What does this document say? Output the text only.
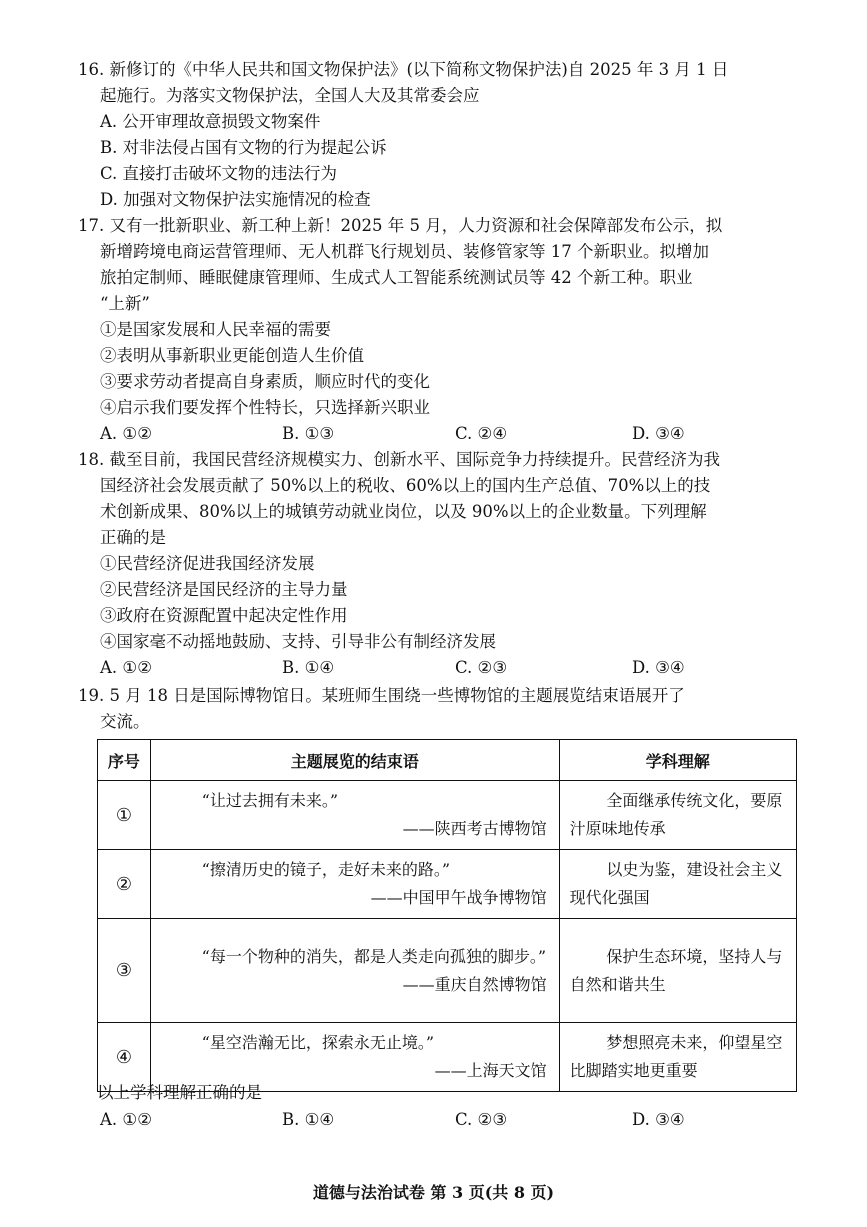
16. 新修订的《中华人民共和国文物保护法》(以下简称文物保护法)自 2025 年 3 月 1 日
起施行。为落实文物保护法，全国人大及其常委会应
A. 公开审理故意损毁文物案件
B. 对非法侵占国有文物的行为提起公诉
C. 直接打击破坏文物的违法行为
D. 加强对文物保护法实施情况的检查
17. 又有一批新职业、新工种上新！2025 年 5 月，人力资源和社会保障部发布公示，拟
新增跨境电商运营管理师、无人机群飞行规划员、装修管家等 17 个新职业。拟增加
旅拍定制师、睡眠健康管理师、生成式人工智能系统测试员等 42 个新工种。职业
“上新”
①是国家发展和人民幸福的需要
②表明从事新职业更能创造人生价值
③要求劳动者提高自身素质，顺应时代的变化
④启示我们要发挥个性特长，只选择新兴职业
A. ①②	B. ①③	C. ②④	D. ③④
18. 截至目前，我国民营经济规模实力、创新水平、国际竞争力持续提升。民营经济为我
国经济社会发展贡献了 50%以上的税收、60%以上的国内生产总值、70%以上的技
术创新成果、80%以上的城镇劳动就业岗位，以及 90%以上的企业数量。下列理解
正确的是
①民营经济促进我国经济发展
②民营经济是国民经济的主导力量
③政府在资源配置中起决定性作用
④国家毫不动摇地鼓励、支持、引导非公有制经济发展
A. ①②	B. ①④	C. ②③	D. ③④
19. 5 月 18 日是国际博物馆日。某班师生围绕一些博物馆的主题展览结束语展开了
交流。
序号	主题展览的结束语	学科理解
①	“让过去拥有未来。”
——陕西考古博物馆	全面继承传统文化，要原汁原味地传承

②	“擦清历史的镜子，走好未来的路。”
——中国甲午战争博物馆	以史为鉴，建设社会主义现代化强国

③	“每一个物种的消失，都是人类走向孤独的脚步。”
——重庆自然博物馆	保护生态环境，坚持人与自然和谐共生

④	“星空浩瀚无比，探索永无止境。”
——上海天文馆	梦想照亮未来，仰望星空比脚踏实地更重要
以上学科理解正确的是
A. ①②	B. ①④	C. ②③	D. ③④
道德与法治试卷 第 3 页(共 8 页)
